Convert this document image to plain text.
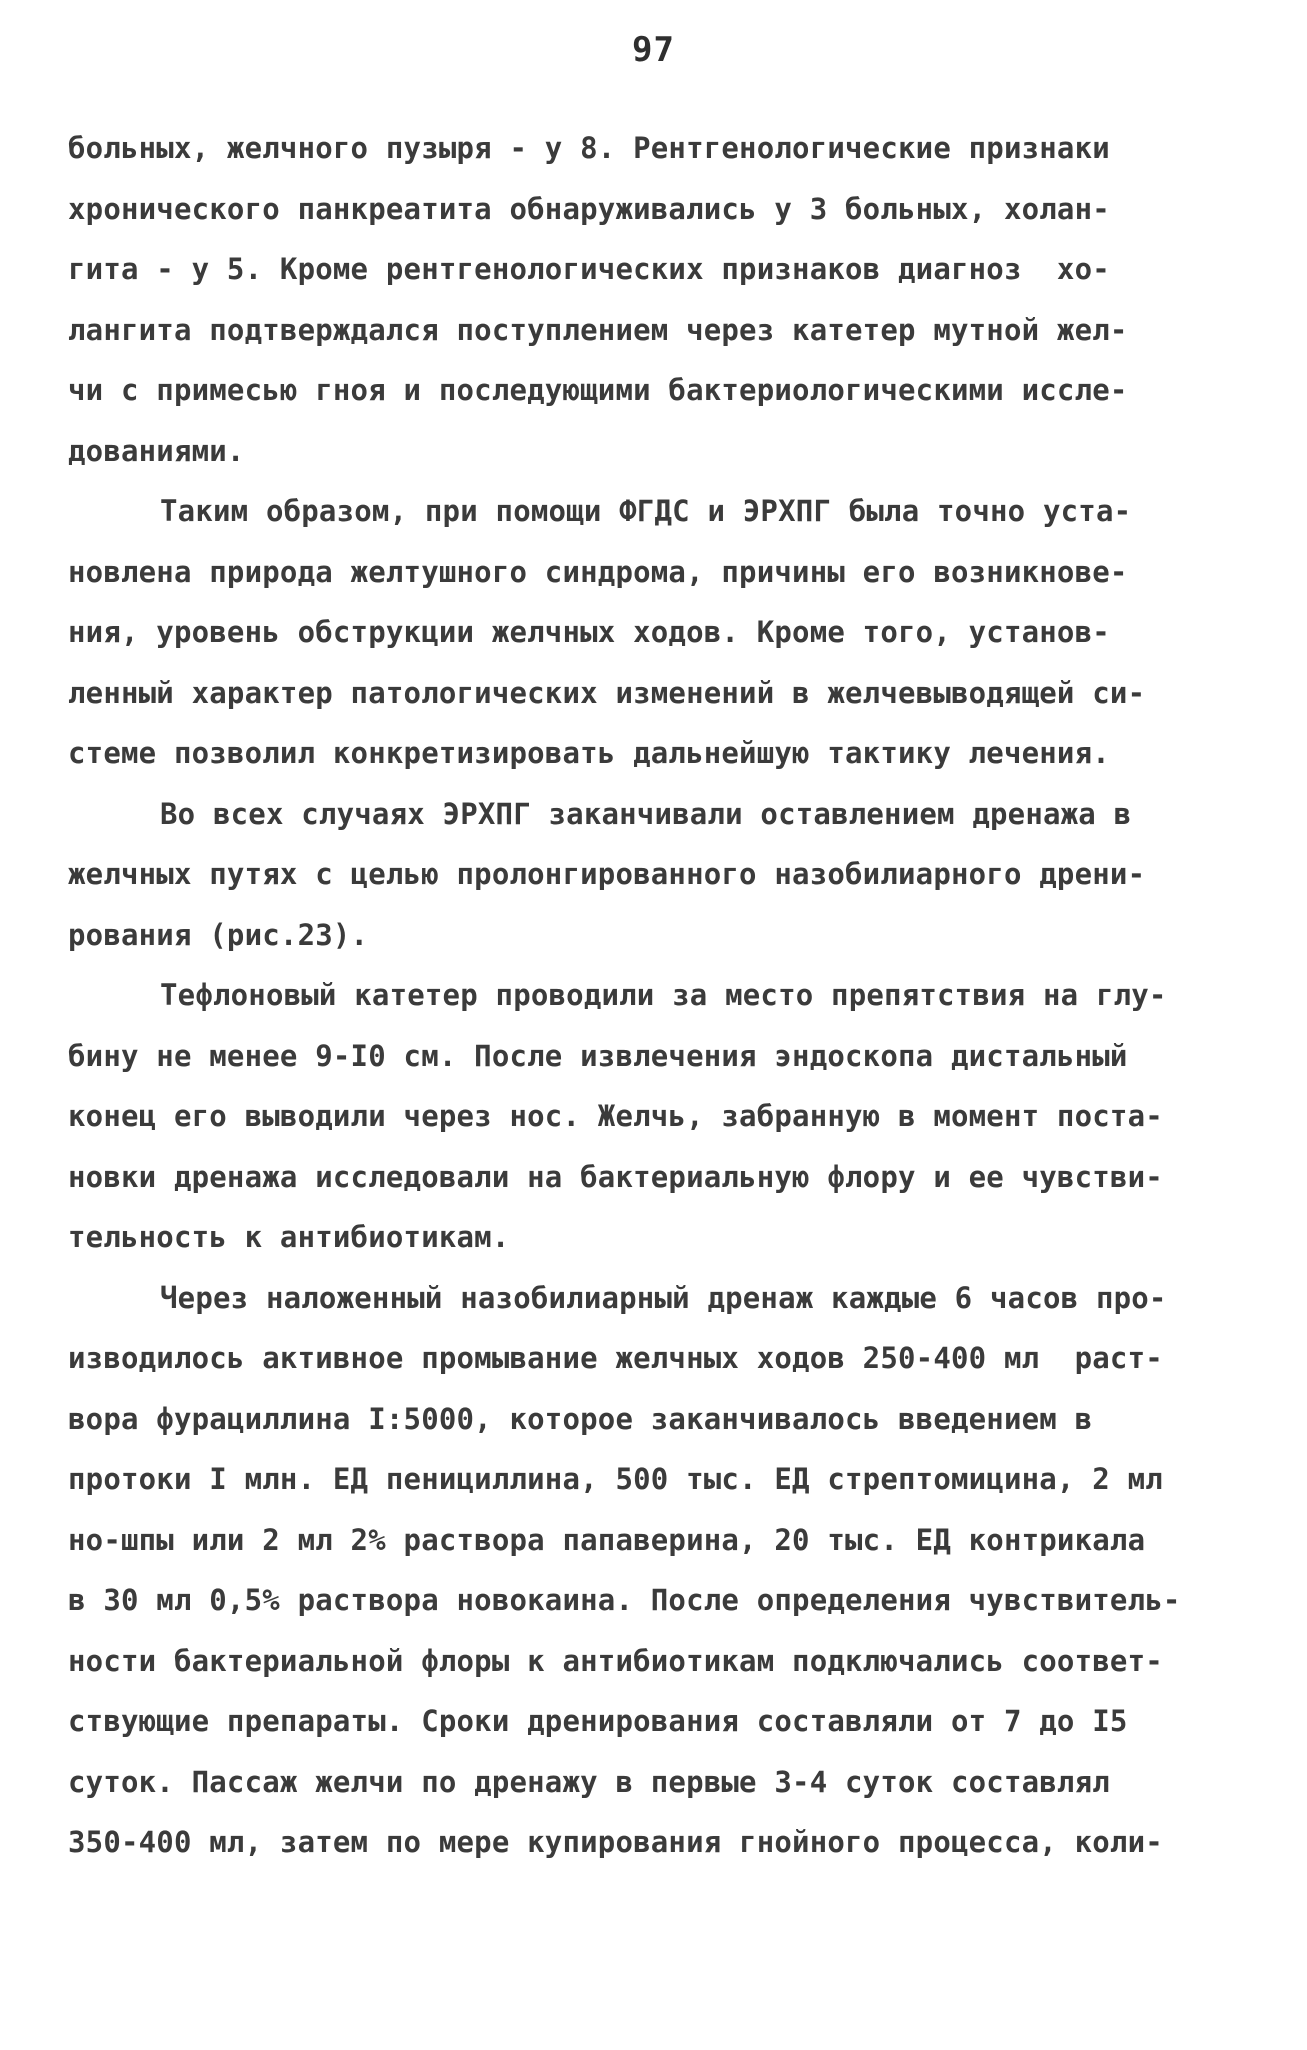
97
больных, желчного пузыря - у 8. Рентгенологические признаки
хронического панкреатита обнаруживались у 3 больных, холан-
гита - у 5. Кроме рентгенологических признаков диагноз  хо-
лангита подтверждался поступлением через катетер мутной жел-
чи с примесью гноя и последующими бактериологическими иссле-
дованиями.
Таким образом, при помощи ФГДС и ЭРХПГ была точно уста-
новлена природа желтушного синдрома, причины его возникнове-
ния, уровень обструкции желчных ходов. Кроме того, установ-
ленный характер патологических изменений в желчевыводящей си-
стеме позволил конкретизировать дальнейшую тактику лечения.
Во всех случаях ЭРХПГ заканчивали оставлением дренажа в
желчных путях с целью пролонгированного назобилиарного дрени-
рования (рис.23).
Тефлоновый катетер проводили за место препятствия на глу-
бину не менее 9-I0 см. После извлечения эндоскопа дистальный
конец его выводили через нос. Желчь, забранную в момент поста-
новки дренажа исследовали на бактериальную флору и ее чувстви-
тельность к антибиотикам.
Через наложенный назобилиарный дренаж каждые 6 часов про-
изводилось активное промывание желчных ходов 250-400 мл  раст-
вора фурациллина I:5000, которое заканчивалось введением в
протоки I млн. ЕД пенициллина, 500 тыс. ЕД стрептомицина, 2 мл
но-шпы или 2 мл 2% раствора папаверина, 20 тыс. ЕД контрикала
в 30 мл 0,5% раствора новокаина. После определения чувствитель-
ности бактериальной флоры к антибиотикам подключались соответ-
ствующие препараты. Сроки дренирования составляли от 7 до I5
суток. Пассаж желчи по дренажу в первые 3-4 суток составлял
350-400 мл, затем по мере купирования гнойного процесса, коли-
